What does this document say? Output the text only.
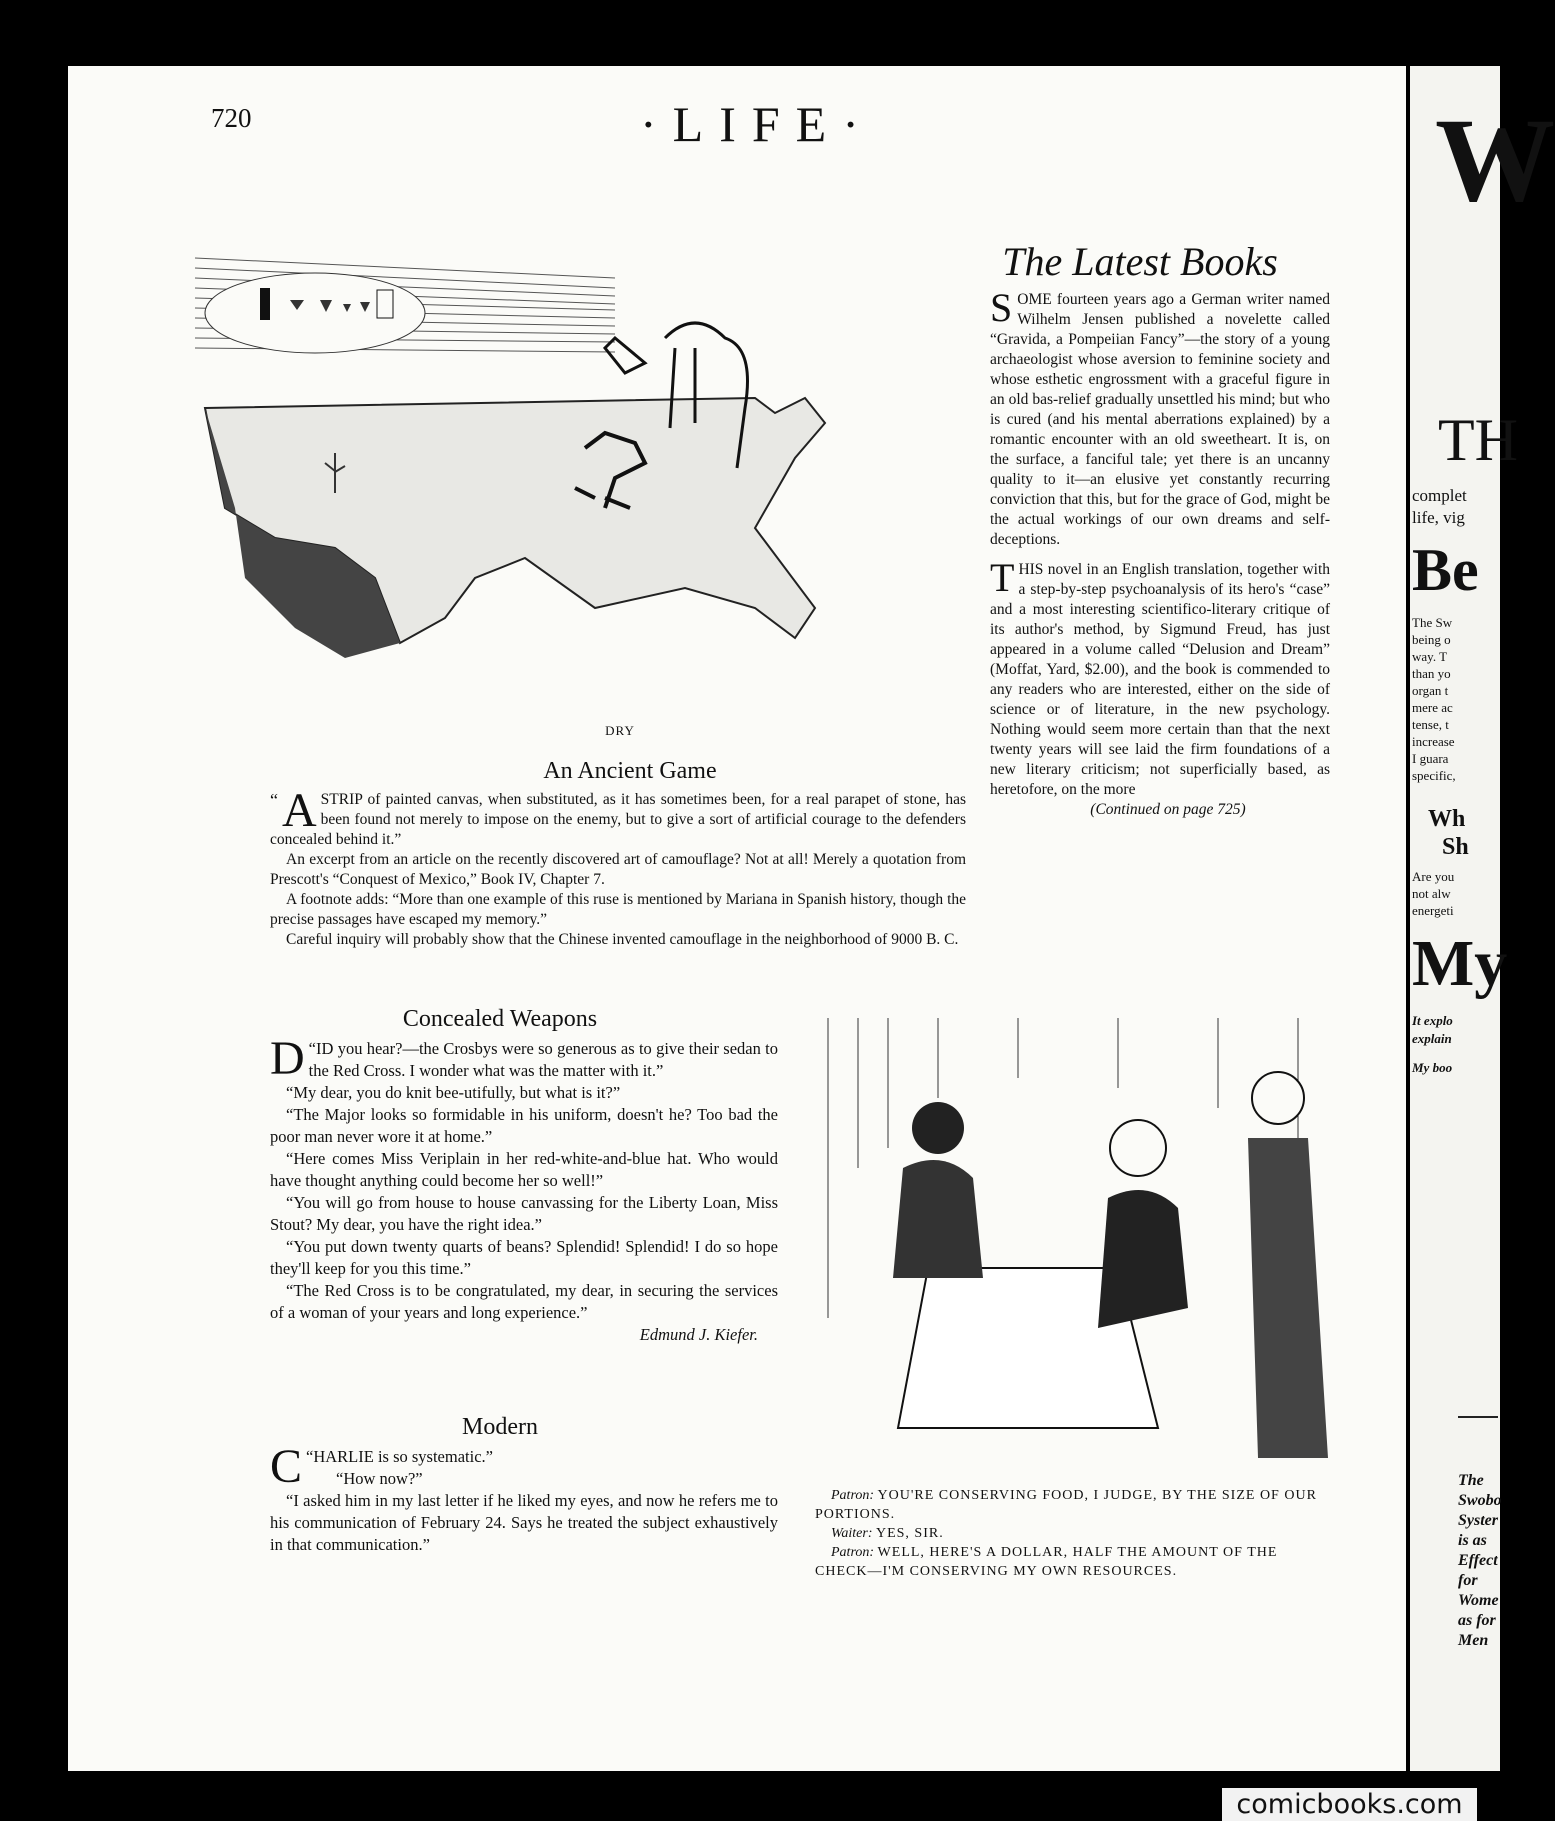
720	·LIFE·
DRY
An Ancient Game

“ A STRIP of painted canvas, when substituted, as it has sometimes been, for a real parapet of stone, has been found not merely to impose on the enemy, but to give a sort of artificial courage to the defenders concealed behind it.”

An excerpt from an article on the recently discovered art of camouflage? Not at all! Merely a quotation from Prescott's “Conquest of Mexico,” Book IV, Chapter 7.

A footnote adds: “More than one example of this ruse is mentioned by Mariana in Spanish history, though the precise passages have escaped my memory.”

Careful inquiry will probably show that the Chinese invented camouflage in the neighborhood of 9000 B. C.

The Latest Books

SOME fourteen years ago a German writer named Wilhelm Jensen published a novelette called “Gravida, a Pompeiian Fancy”—the story of a young archaeologist whose aversion to feminine society and whose esthetic engrossment with a graceful figure in an old bas-relief gradually unsettled his mind; but who is cured (and his mental aberrations explained) by a romantic encounter with an old sweetheart. It is, on the surface, a fanciful tale; yet there is an uncanny quality to it—an elusive yet constantly recurring conviction that this, but for the grace of God, might be the actual workings of our own dreams and self-deceptions.

THIS novel in an English translation, together with a step-by-step psychoanalysis of its hero's “case” and a most interesting scientifico-literary critique of its author's method, by Sigmund Freud, has just appeared in a volume called “Delusion and Dream” (Moffat, Yard, $2.00), and the book is commended to any readers who are interested, either on the side of science or of literature, in the new psychology. Nothing would seem more certain than that the next twenty years will see laid the firm foundations of a new literary criticism; not superficially based, as heretofore, on the more

(Continued on page 725)

Concealed Weapons

“
D ID you hear?—the Crosbys were so generous as to give their sedan to the Red Cross. I wonder what was the matter with it.”

“My dear, you do knit bee-utifully, but what is it?”

“The Major looks so formidable in his uniform, doesn't he? Too bad the poor man never wore it at home.”

“Here comes Miss Veriplain in her red-white-and-blue hat. Who would have thought anything could become her so well!”

“You will go from house to house canvassing for the Liberty Loan, Miss Stout? My dear, you have the right idea.”

“You put down twenty quarts of beans? Splendid! Splendid! I do so hope they'll keep for you this time.”

“The Red Cross is to be congratulated, my dear, in securing the services of a woman of your years and long experience.”

Edmund J. Kiefer.

Modern

“
C HARLIE is so systematic.”

“How now?”

“I asked him in my last letter if he liked my eyes, and now he refers me to his communication of February 24. Says he treated the subject exhaustively in that communication.”

Patron: YOU'RE CONSERVING FOOD, I JUDGE, BY THE SIZE OF OUR PORTIONS.
Waiter: YES, SIR.
Patron: WELL, HERE'S A DOLLAR, HALF THE AMOUNT OF THE CHECK—I'M CONSERVING MY OWN RESOURCES.
W
TH
complet
life, vig
Be
The Sw
being o
way. T
than yo
organ t
mere ac
tense, t
increase
I guara
specific,
Wh
Sh
Are you
not alw
energeti
My
It explo
explain
My boo
The
Swobo
Syster
is as
Effect
for
Wome
as for
Men
comicbooks.com
